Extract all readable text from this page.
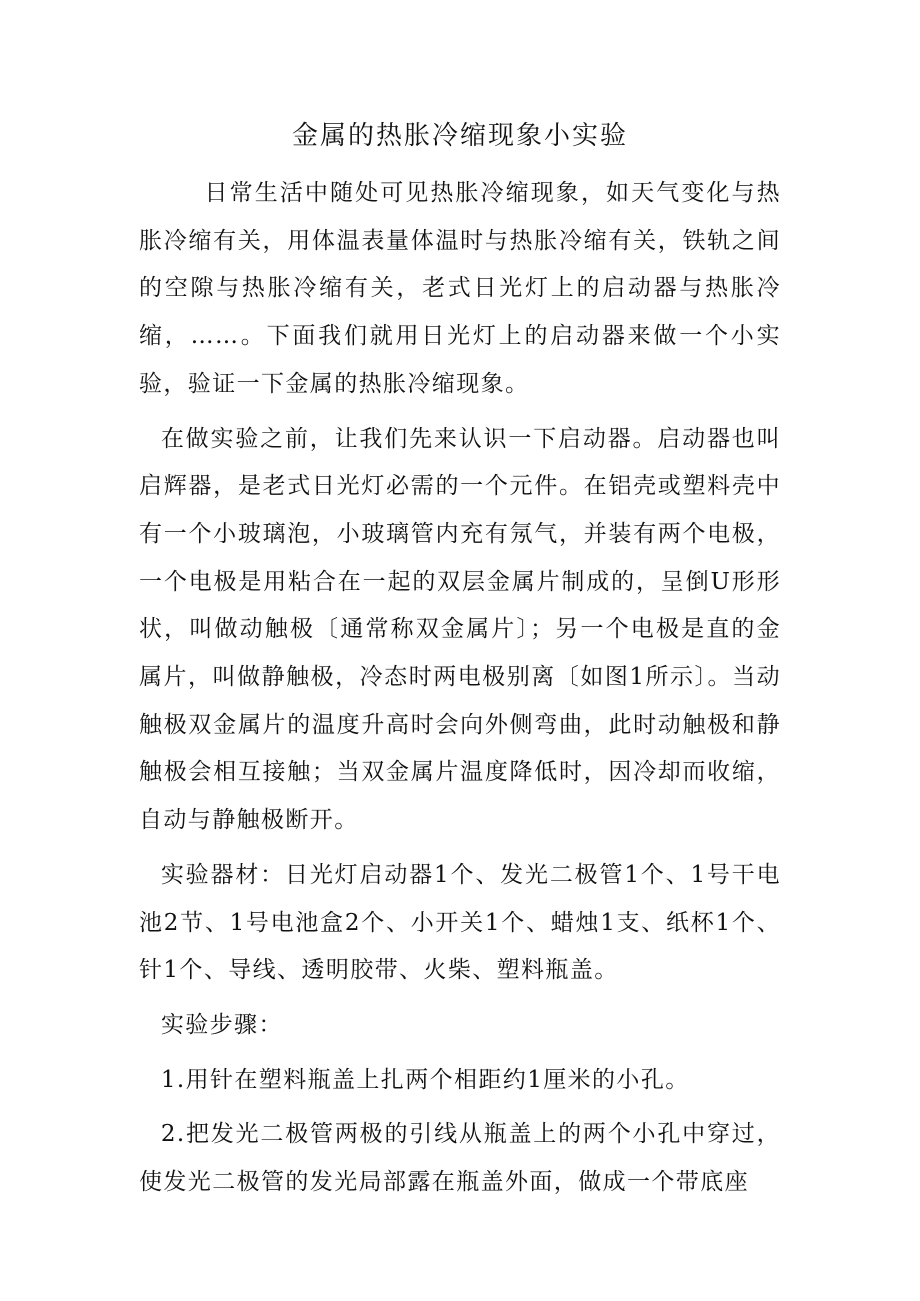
金属的热胀冷缩现象小实验

日常生活中随处可见热胀冷缩现象，如天气变化与热胀冷缩有关，用体温表量体温时与热胀冷缩有关，铁轨之间的空隙与热胀冷缩有关，老式日光灯上的启动器与热胀冷缩，……。下面我们就用日光灯上的启动器来做一个小实验，验证一下金属的热胀冷缩现象。

在做实验之前，让我们先来认识一下启动器。启动器也叫启辉器，是老式日光灯必需的一个元件。在铝壳或塑料壳中有一个小玻璃泡，小玻璃管内充有氖气，并装有两个电极，一个电极是用粘合在一起的双层金属片制成的，呈倒U形形状，叫做动触极〔通常称双金属片〕；另一个电极是直的金属片，叫做静触极，冷态时两电极别离〔如图1所示〕。当动触极双金属片的温度升高时会向外侧弯曲，此时动触极和静触极会相互接触；当双金属片温度降低时，因冷却而收缩，自动与静触极断开。

实验器材：日光灯启动器1个、发光二极管1个、1号干电池2节、1号电池盒2个、小开关1个、蜡烛1支、纸杯1个、针1个、导线、透明胶带、火柴、塑料瓶盖。

实验步骤：

1.用针在塑料瓶盖上扎两个相距约1厘米的小孔。

2.把发光二极管两极的引线从瓶盖上的两个小孔中穿过，使发光二极管的发光局部露在瓶盖外面，做成一个带底座
